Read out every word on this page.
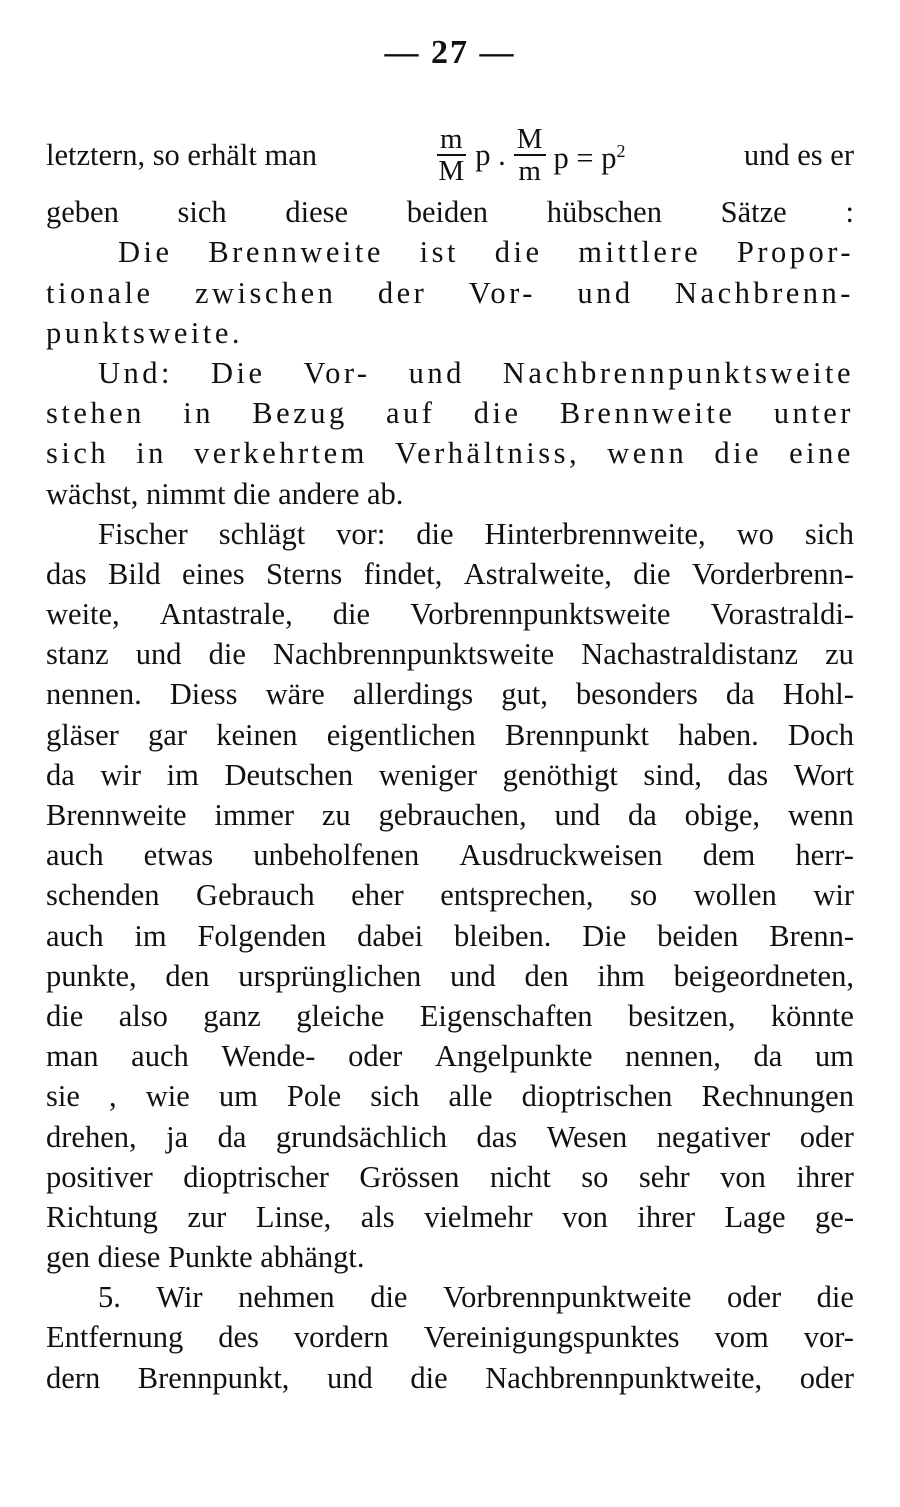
— 27 —
letztern, so erhält man	$\frac{m}{M}$ p . $\frac{M}{m}$ $p = p^2$	und es er
geben sich diese beiden hübschen Sätze :
Die Brennweite ist die mittlere Propor-
tionale zwischen der Vor- und Nachbrenn-
punktsweite.
Und: Die Vor- und Nachbrennpunktsweite
stehen in Bezug auf die Brennweite unter
sich in verkehrtem Verhältniss, wenn die eine
wächst, nimmt die andere ab.
Fischer schlägt vor: die Hinterbrennweite, wo sich
das Bild eines Sterns findet, Astralweite, die Vorderbrenn-
weite, Antastrale, die Vorbrennpunktsweite Vorastraldi-
stanz und die Nachbrennpunktsweite Nachastraldistanz zu
nennen. Diess wäre allerdings gut, besonders da Hohl-
gläser gar keinen eigentlichen Brennpunkt haben. Doch
da wir im Deutschen weniger genöthigt sind, das Wort
Brennweite immer zu gebrauchen, und da obige, wenn
auch etwas unbeholfenen Ausdruckweisen dem herr-
schenden Gebrauch eher entsprechen, so wollen wir
auch im Folgenden dabei bleiben. Die beiden Brenn-
punkte, den ursprünglichen und den ihm beigeordneten,
die also ganz gleiche Eigenschaften besitzen, könnte
man auch Wende- oder Angelpunkte nennen, da um
sie , wie um Pole sich alle dioptrischen Rechnungen
drehen, ja da grundsächlich das Wesen negativer oder
positiver dioptrischer Grössen nicht so sehr von ihrer
Richtung zur Linse, als vielmehr von ihrer Lage ge-
gen diese Punkte abhängt.
5. Wir nehmen die Vorbrennpunktweite oder die
Entfernung des vordern Vereinigungspunktes vom vor-
dern Brennpunkt, und die Nachbrennpunktweite, oder
